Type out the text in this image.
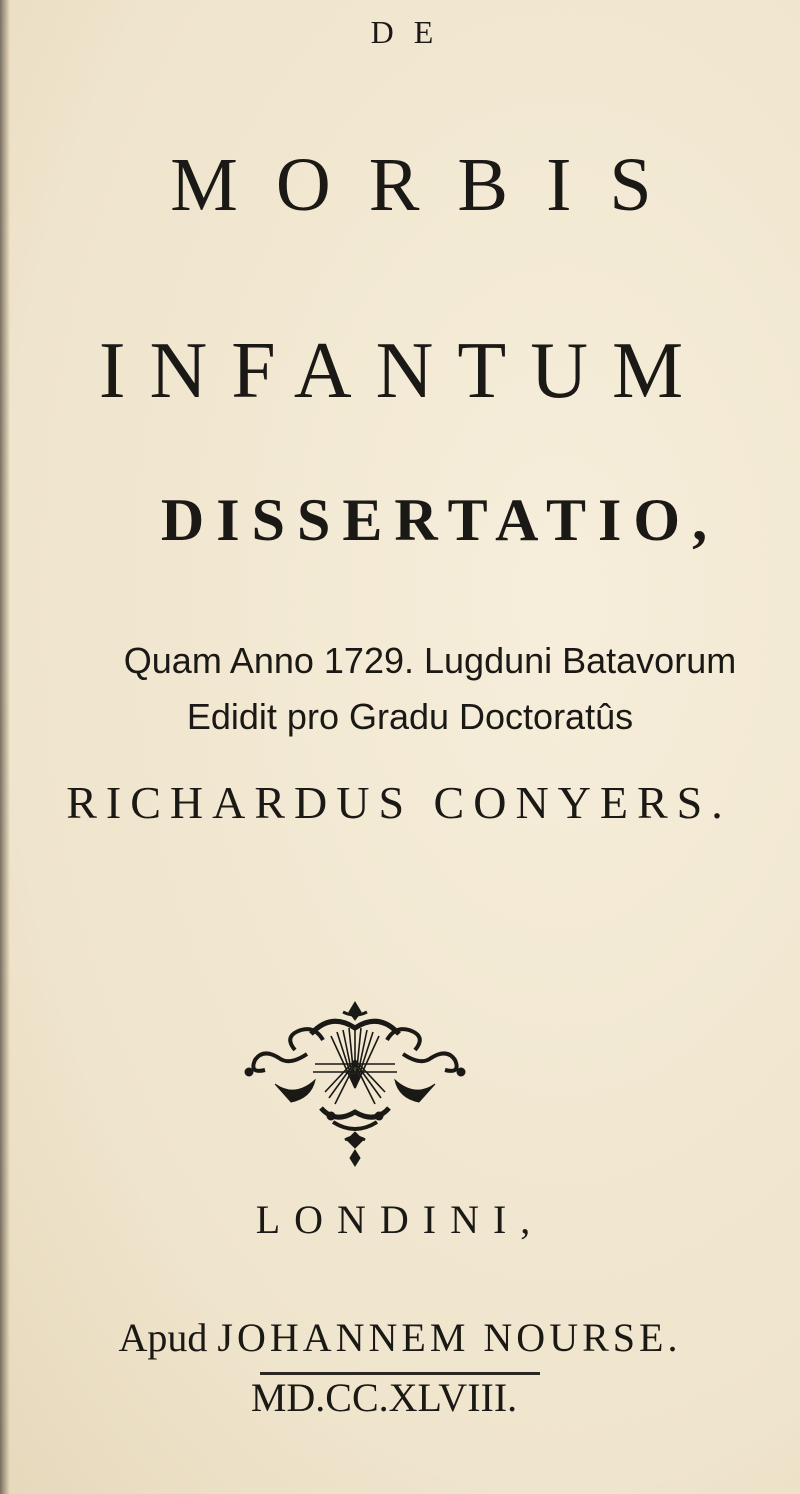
DE
MORBIS
INFANTUM
DISSERTATIO,
Quam Anno 1729. Lugduni Batavorum
Edidit pro Gradu Doctoratûs
RICHARDUS CONYERS.
LONDINI,
Apud JOHANNEM NOURSE.
MD.CC.XLVIII.
